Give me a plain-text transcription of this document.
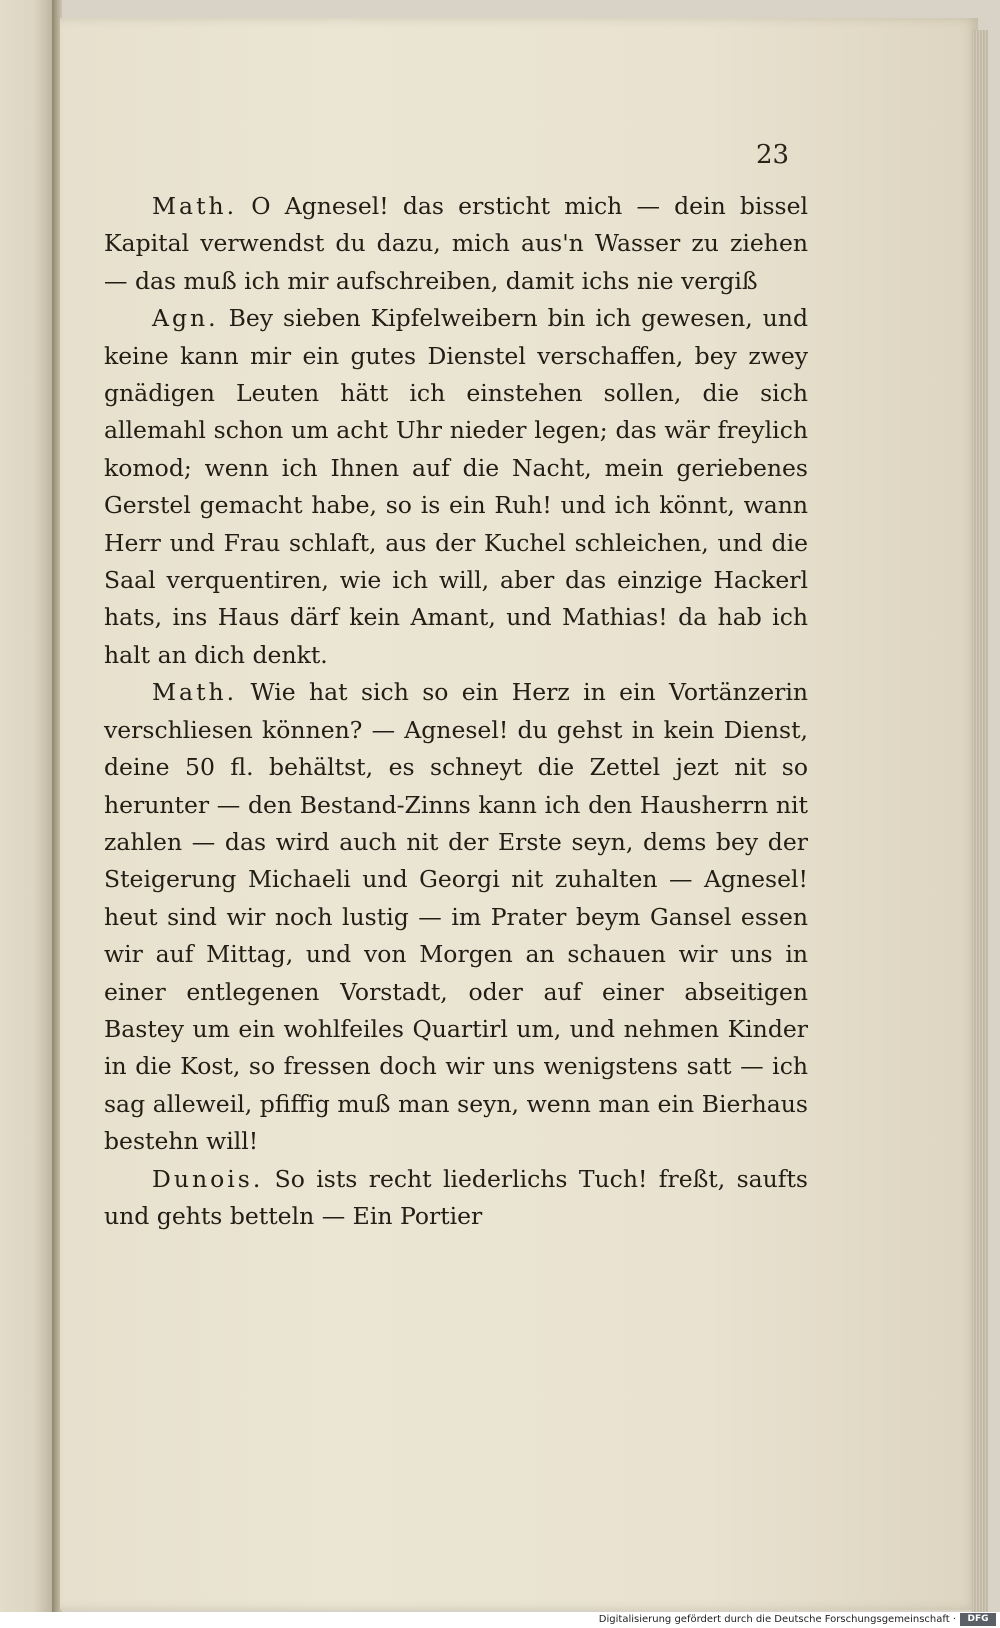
23

Math. O Agnesel! das ersticht mich — dein bissel Kapital verwendst du dazu, mich aus'n Wasser zu ziehen — das muß ich mir aufschreiben, damit ichs nie vergiß

Agn. Bey sieben Kipfelweibern bin ich gewesen, und keine kann mir ein gutes Dienstel verschaffen, bey zwey gnädigen Leuten hätt ich einstehen sollen, die sich allemahl schon um acht Uhr nieder legen; das wär freylich komod; wenn ich Ihnen auf die Nacht, mein geriebenes Gerstel gemacht habe, so is ein Ruh! und ich könnt, wann Herr und Frau schlaft, aus der Kuchel schleichen, und die Saal verquentiren, wie ich will, aber das einzige Hackerl hats, ins Haus därf kein Amant, und Mathias! da hab ich halt an dich denkt.

Math. Wie hat sich so ein Herz in ein Vortänzerin verschliesen können? — Agnesel! du gehst in kein Dienst, deine 50 fl. behältst, es schneyt die Zettel jezt nit so herunter — den Bestand-Zinns kann ich den Hausherrn nit zahlen — das wird auch nit der Erste seyn, dems bey der Steigerung Michaeli und Georgi nit zuhalten — Agnesel! heut sind wir noch lustig — im Prater beym Gansel essen wir auf Mittag, und von Morgen an schauen wir uns in einer entlegenen Vorstadt, oder auf einer abseitigen Bastey um ein wohlfeiles Quartirl um, und nehmen Kinder in die Kost, so fressen doch wir uns wenigstens satt — ich sag alleweil, pfiffig muß man seyn, wenn man ein Bierhaus bestehn will!

Dunois. So ists recht liederlichs Tuch! freßt, saufts und gehts betteln — Ein Portier

Digitalisierung gefördert durch die Deutsche Forschungsgemeinschaft ·	DFG
